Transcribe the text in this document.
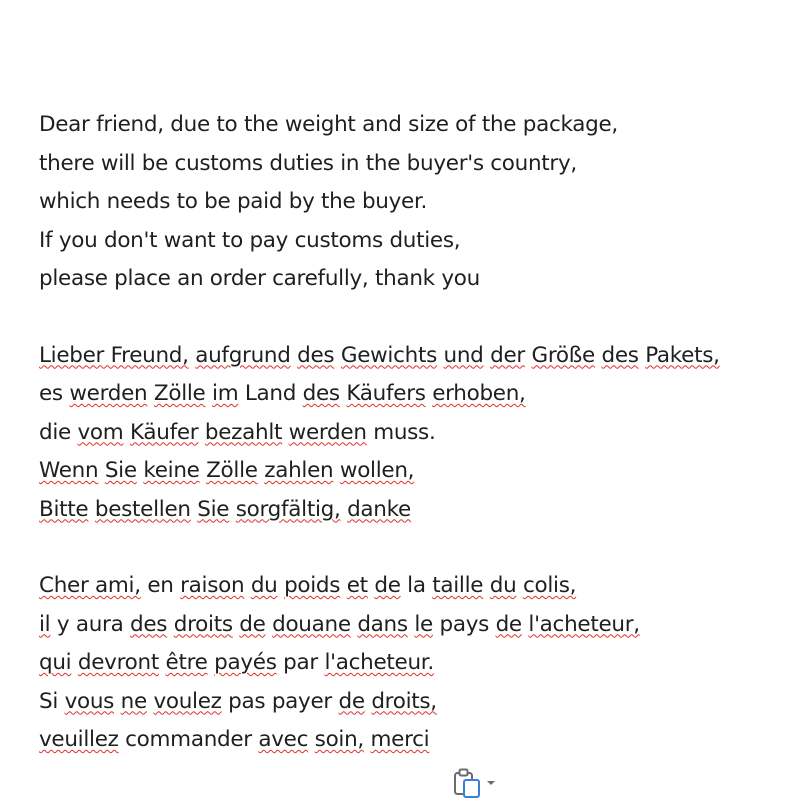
Dear friend, due to the weight and size of the package,
there will be customs duties in the buyer's country,
which needs to be paid by the buyer.
If you don't want to pay customs duties,
please place an order carefully, thank you
Lieber Freund, aufgrund des Gewichts und der Größe des Pakets,
es werden Zölle im Land des Käufers erhoben,
die vom Käufer bezahlt werden muss.
Wenn Sie keine Zölle zahlen wollen,
Bitte bestellen Sie sorgfältig, danke
Cher ami, en raison du poids et de la taille du colis,
il y aura des droits de douane dans le pays de l'acheteur,
qui devront être payés par l'acheteur.
Si vous ne voulez pas payer de droits,
veuillez commander avec soin, merci
